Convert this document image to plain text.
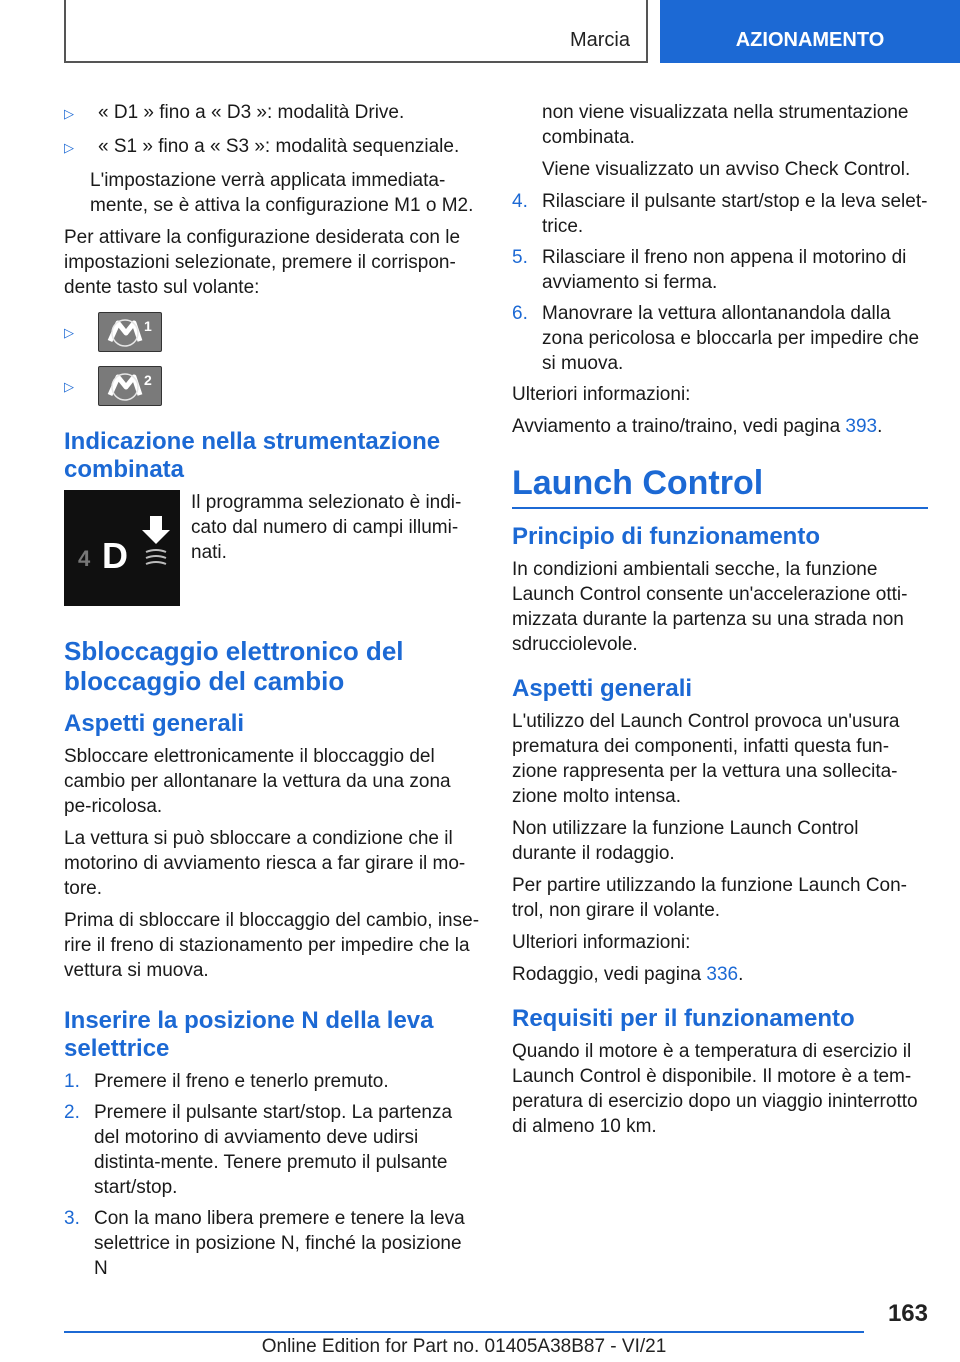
Marcia	AZIONAMENTO
▷	« D1 » fino a « D3 »: modalità Drive.
▷	« S1 » fino a « S3 »: modalità sequenziale.

L'impostazione verrà applicata immediata-mente, se è attiva la configurazione M1 o M2.

Per attivare la configurazione desiderata con le impostazioni selezionate, premere il corrispon-dente tasto sul volante:

▷	1
▷	2
Indicazione nella strumentazione combinata
4 D
Il programma selezionato è indi-cato dal numero di campi illumi-nati.
Sbloccaggio elettronico del bloccaggio del cambio
Aspetti generali

Sbloccare elettronicamente il bloccaggio del cambio per allontanare la vettura da una zona pe-ricolosa.

La vettura si può sbloccare a condizione che il motorino di avviamento riesca a far girare il mo-tore.

Prima di sbloccare il bloccaggio del cambio, inse-rire il freno di stazionamento per impedire che la vettura si muova.

Inserire la posizione N della leva selettrice
1. Premere il freno e tenerlo premuto.
2. Premere il pulsante start/stop. La partenza del motorino di avviamento deve udirsi distinta-mente. Tenere premuto il pulsante start/stop.
3. Con la mano libera premere e tenere la leva selettrice in posizione N, finché la posizione N

non viene visualizzata nella strumentazione combinata.

Viene visualizzato un avviso Check Control.

4. Rilasciare il pulsante start/stop e la leva selet-trice.
5. Rilasciare il freno non appena il motorino di avviamento si ferma.
6. Manovrare la vettura allontanandola dalla zona pericolosa e bloccarla per impedire che si muova.

Ulteriori informazioni:

Avviamento a traino/traino, vedi pagina 393.

Launch Control
Principio di funzionamento

In condizioni ambientali secche, la funzione Launch Control consente un'accelerazione otti-mizzata durante la partenza su una strada non sdrucciolevole.

Aspetti generali

L'utilizzo del Launch Control provoca un'usura prematura dei componenti, infatti questa fun-zione rappresenta per la vettura una sollecita-zione molto intensa.

Non utilizzare la funzione Launch Control durante il rodaggio.

Per partire utilizzando la funzione Launch Con-trol, non girare il volante.

Ulteriori informazioni:

Rodaggio, vedi pagina 336.

Requisiti per il funzionamento

Quando il motore è a temperatura di esercizio il Launch Control è disponibile. Il motore è a tem-peratura di esercizio dopo un viaggio ininterrotto di almeno 10 km.

163
Online Edition for Part no. 01405A38B87 - VI/21
